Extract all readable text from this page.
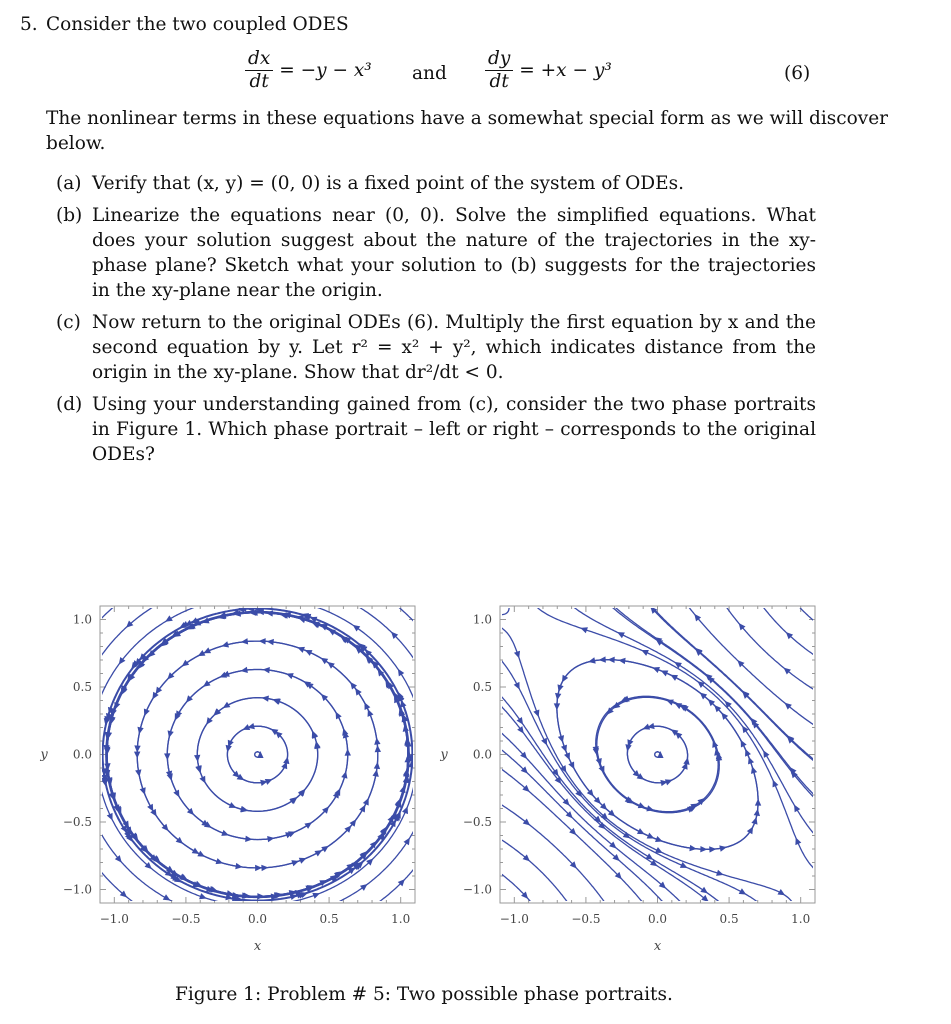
5. Consider the two coupled ODES
$\frac{dx}{dt} = -y - x^3$ and $\frac{dy}{dt} = +x - y^3$	(6)
The nonlinear terms in these equations have a somewhat special form as we will discover
below.
(a) Verify that (x, y) = (0, 0) is a fixed point of the system of ODEs.
(b) Linearize the equations near (0, 0). Solve the simplified equations. What does your solution suggest about the nature of the trajectories in the xy-phase plane? Sketch what your solution to (b) suggests for the trajectories in the xy-plane near the origin.
(c) Now return to the original ODEs (6). Multiply the first equation by x and the second equation by y. Let r² = x² + y², which indicates distance from the origin in the xy-plane. Show that dr²/dt < 0.
(d) Using your understanding gained from (c), consider the two phase portraits in Figure 1. Which phase portrait – left or right – corresponds to the original ODEs?
−1.0	−0.5	0.0	0.5	1.0
1.0
0.5
0.0
−0.5
−1.0
x
y
−1.0	−0.5	0.0	0.5	1.0
1.0
0.5
0.0
−0.5
−1.0
x
y
Figure 1: Problem # 5: Two possible phase portraits.
